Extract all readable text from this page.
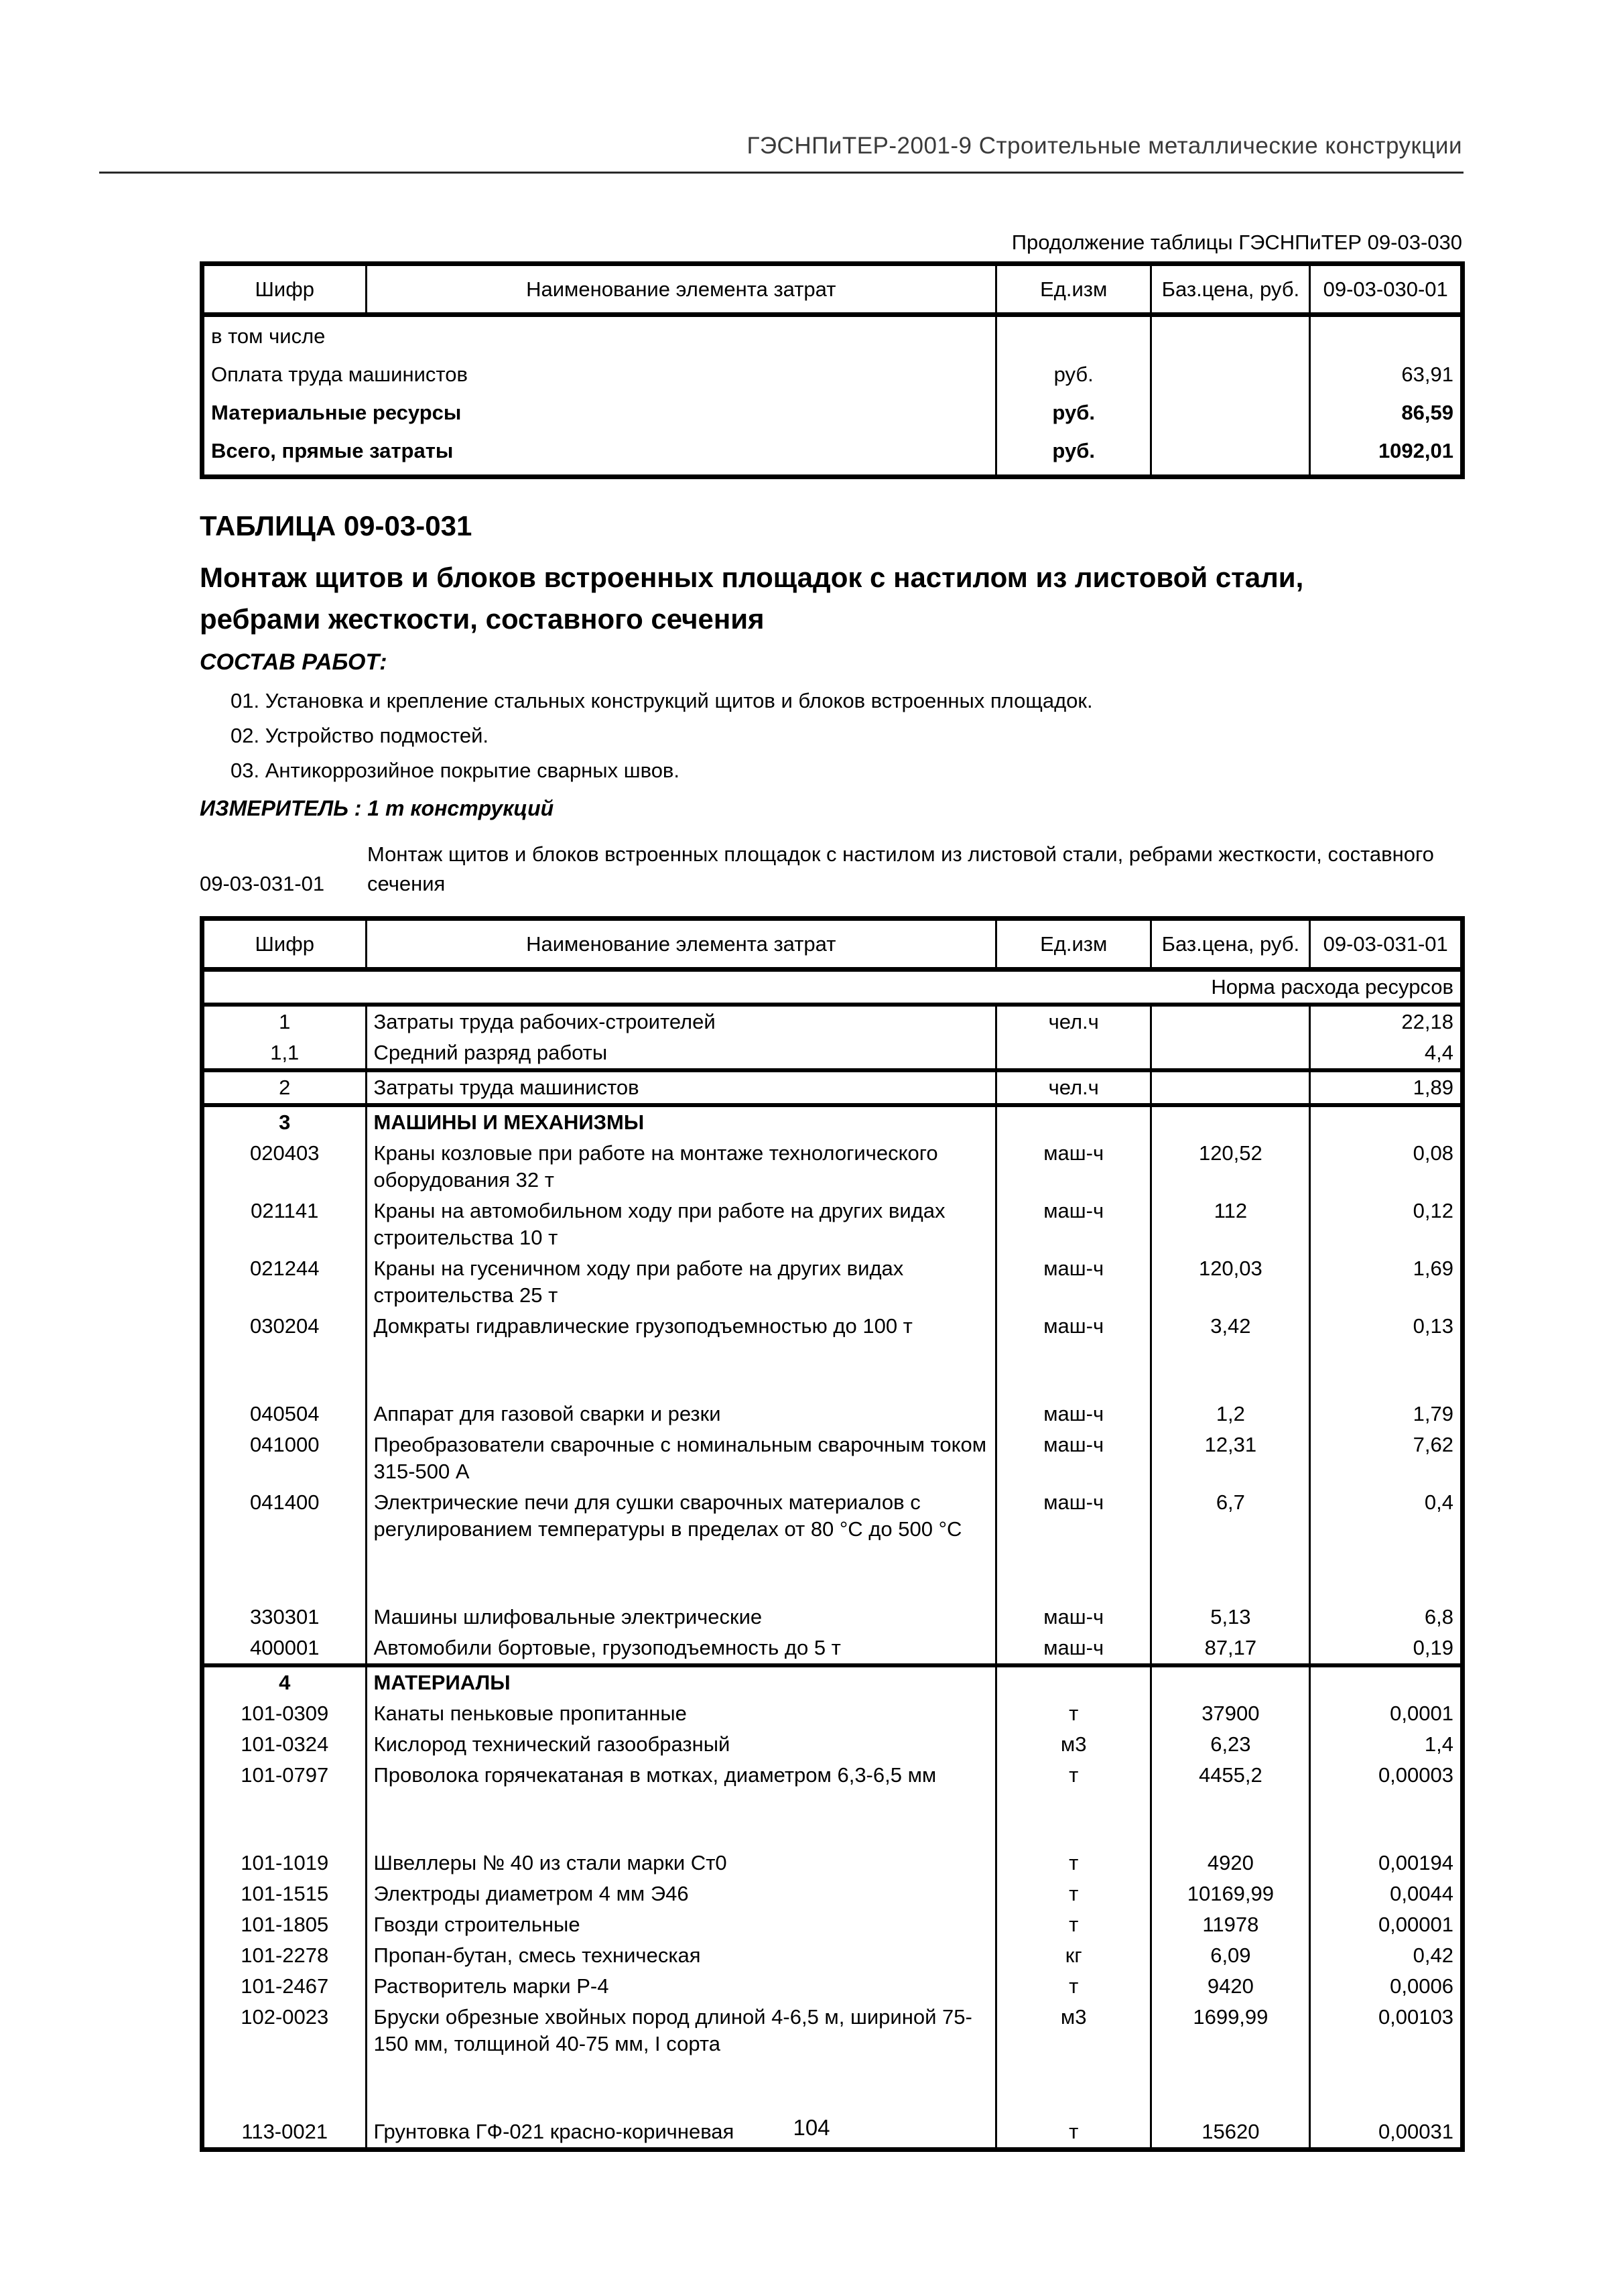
ГЭСНПиТЕР-2001-9 Строительные металлические конструкции
Продолжение таблицы ГЭСНПиТЕР 09-03-030
Шифр	Наименование элемента затрат	Ед.изм	Баз.цена, руб.	09-03-030-01
в том числе				
Оплата труда машинистов		руб.		63,91
Материальные ресурсы		руб.		86,59
Всего, прямые затраты		руб.		1092,01
ТАБЛИЦА 09-03-031
Монтаж щитов и блоков встроенных площадок с настилом из листовой стали, ребрами жесткости, составного сечения
СОСТАВ РАБОТ:
01. Установка и крепление стальных конструкций щитов и блоков встроенных площадок.
02. Устройство подмостей.
03. Антикоррозийное покрытие сварных швов.
ИЗМЕРИТЕЛЬ : 1 т конструкций
09-03-031-01
Монтаж щитов и блоков встроенных площадок с настилом из листовой стали, ребрами жесткости, составного сечения
Шифр	Наименование элемента затрат	Ед.изм	Баз.цена, руб.	09-03-031-01
Норма расхода ресурсов				
1	Затраты труда рабочих-строителей	чел.ч		22,18
1,1	Средний разряд работы			4,4
2	Затраты труда машинистов	чел.ч		1,89
3	МАШИНЫ И МЕХАНИЗМЫ			
020403	Краны козловые при работе на монтаже технологического оборудования 32 т	маш-ч	120,52	0,08
021141	Краны на автомобильном ходу при работе на других видах строительства 10 т	маш-ч	112	0,12
021244	Краны на гусеничном ходу при работе на других видах строительства 25 т	маш-ч	120,03	1,69
030204	Домкраты гидравлические грузоподъемностью до 100 т	маш-ч	3,42	0,13
040504	Аппарат для газовой сварки и резки	маш-ч	1,2	1,79
041000	Преобразователи сварочные с номинальным сварочным током 315-500 А	маш-ч	12,31	7,62
041400	Электрические печи для сушки сварочных материалов с регулированием температуры в пределах от 80 °С до 500 °С	маш-ч	6,7	0,4
330301	Машины шлифовальные электрические	маш-ч	5,13	6,8
400001	Автомобили бортовые, грузоподъемность до 5 т	маш-ч	87,17	0,19
4	МАТЕРИАЛЫ			
101-0309	Канаты пеньковые пропитанные	т	37900	0,0001
101-0324	Кислород технический газообразный	м3	6,23	1,4
101-0797	Проволока горячекатаная в мотках, диаметром 6,3-6,5 мм	т	4455,2	0,00003
101-1019	Швеллеры № 40 из стали марки Ст0	т	4920	0,00194
101-1515	Электроды диаметром 4 мм Э46	т	10169,99	0,0044
101-1805	Гвозди строительные	т	11978	0,00001
101-2278	Пропан-бутан, смесь техническая	кг	6,09	0,42
101-2467	Растворитель марки Р-4	т	9420	0,0006
102-0023	Бруски обрезные хвойных пород длиной 4-6,5 м, шириной 75-150 мм, толщиной 40-75 мм, I сорта	м3	1699,99	0,00103
113-0021	Грунтовка ГФ-021 красно-коричневая	т	15620	0,00031
104
